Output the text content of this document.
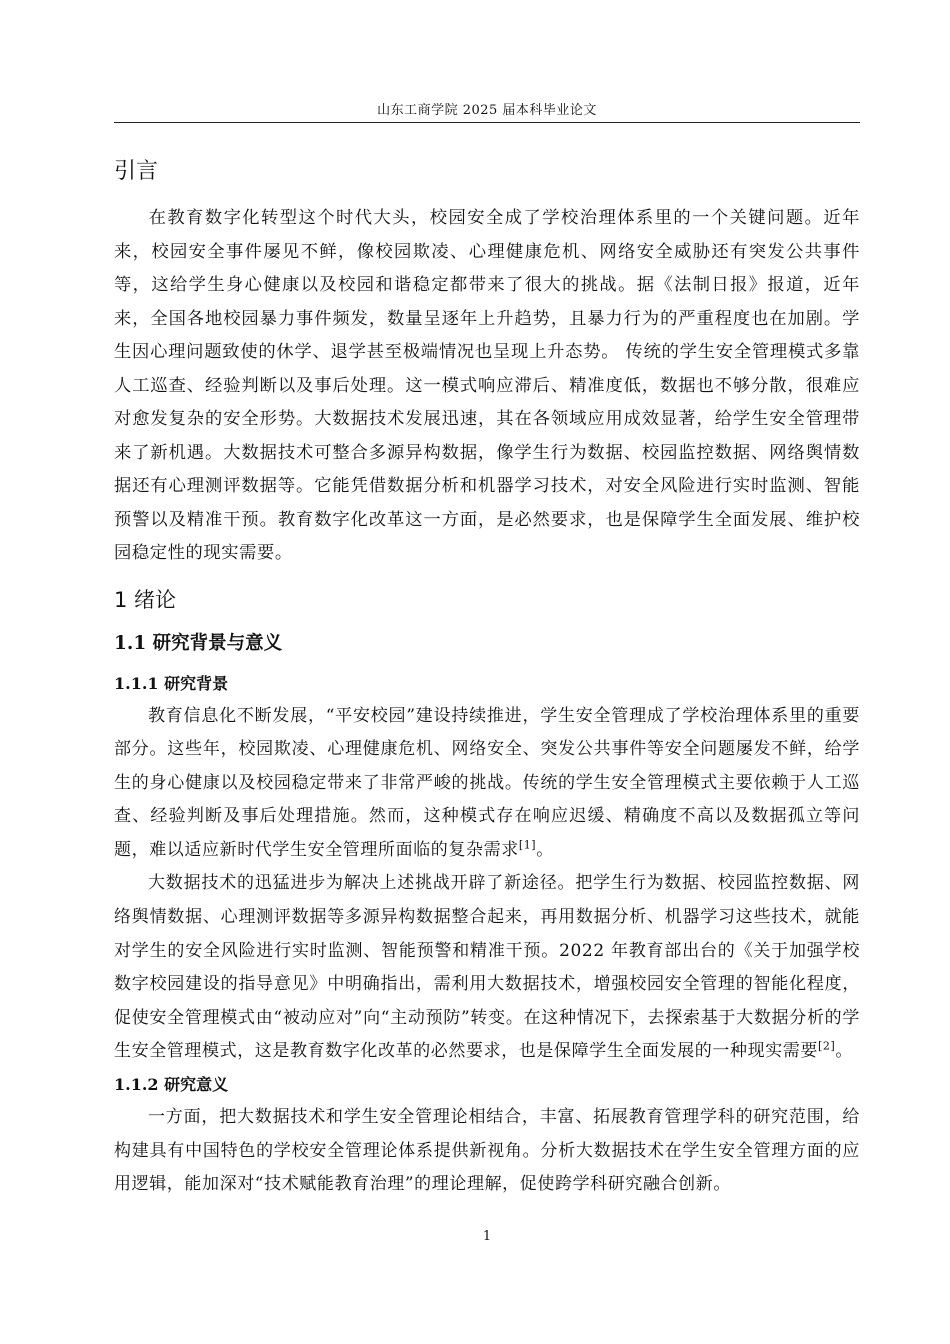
山东工商学院 2025 届本科毕业论文
引言

在教育数字化转型这个时代大头，校园安全成了学校治理体系里的一个关键问题。近年来，校园安全事件屡见不鲜，像校园欺凌、心理健康危机、网络安全威胁还有突发公共事件等，这给学生身心健康以及校园和谐稳定都带来了很大的挑战。据《法制日报》报道，近年来，全国各地校园暴力事件频发，数量呈逐年上升趋势，且暴力行为的严重程度也在加剧。学生因心理问题致使的休学、退学甚至极端情况也呈现上升态势。 传统的学生安全管理模式多靠人工巡查、经验判断以及事后处理。这一模式响应滞后、精准度低，数据也不够分散，很难应对愈发复杂的安全形势。大数据技术发展迅速，其在各领域应用成效显著，给学生安全管理带来了新机遇。大数据技术可整合多源异构数据，像学生行为数据、校园监控数据、网络舆情数据还有心理测评数据等。它能凭借数据分析和机器学习技术，对安全风险进行实时监测、智能预警以及精准干预。教育数字化改革这一方面，是必然要求，也是保障学生全面发展、维护校园稳定性的现实需要。

1 绪论
1.1 研究背景与意义
1.1.1 研究背景

教育信息化不断发展，“平安校园”建设持续推进，学生安全管理成了学校治理体系里的重要部分。这些年，校园欺凌、心理健康危机、网络安全、突发公共事件等安全问题屡发不鲜，给学生的身心健康以及校园稳定带来了非常严峻的挑战。传统的学生安全管理模式主要依赖于人工巡查、经验判断及事后处理措施。然而，这种模式存在响应迟缓、精确度不高以及数据孤立等问题，难以适应新时代学生安全管理所面临的复杂需求[1]。

大数据技术的迅猛进步为解决上述挑战开辟了新途径。把学生行为数据、校园监控数据、网络舆情数据、心理测评数据等多源异构数据整合起来，再用数据分析、机器学习这些技术，就能对学生的安全风险进行实时监测、智能预警和精准干预。2022 年教育部出台的《关于加强学校数字校园建设的指导意见》中明确指出，需利用大数据技术，增强校园安全管理的智能化程度，促使安全管理模式由“被动应对”向“主动预防”转变。在这种情况下，去探索基于大数据分析的学生安全管理模式，这是教育数字化改革的必然要求，也是保障学生全面发展的一种现实需要[2]。

1.1.2 研究意义

一方面，把大数据技术和学生安全管理论相结合，丰富、拓展教育管理学科的研究范围，给构建具有中国特色的学校安全管理论体系提供新视角。分析大数据技术在学生安全管理方面的应用逻辑，能加深对“技术赋能教育治理”的理论理解，促使跨学科研究融合创新。

1
